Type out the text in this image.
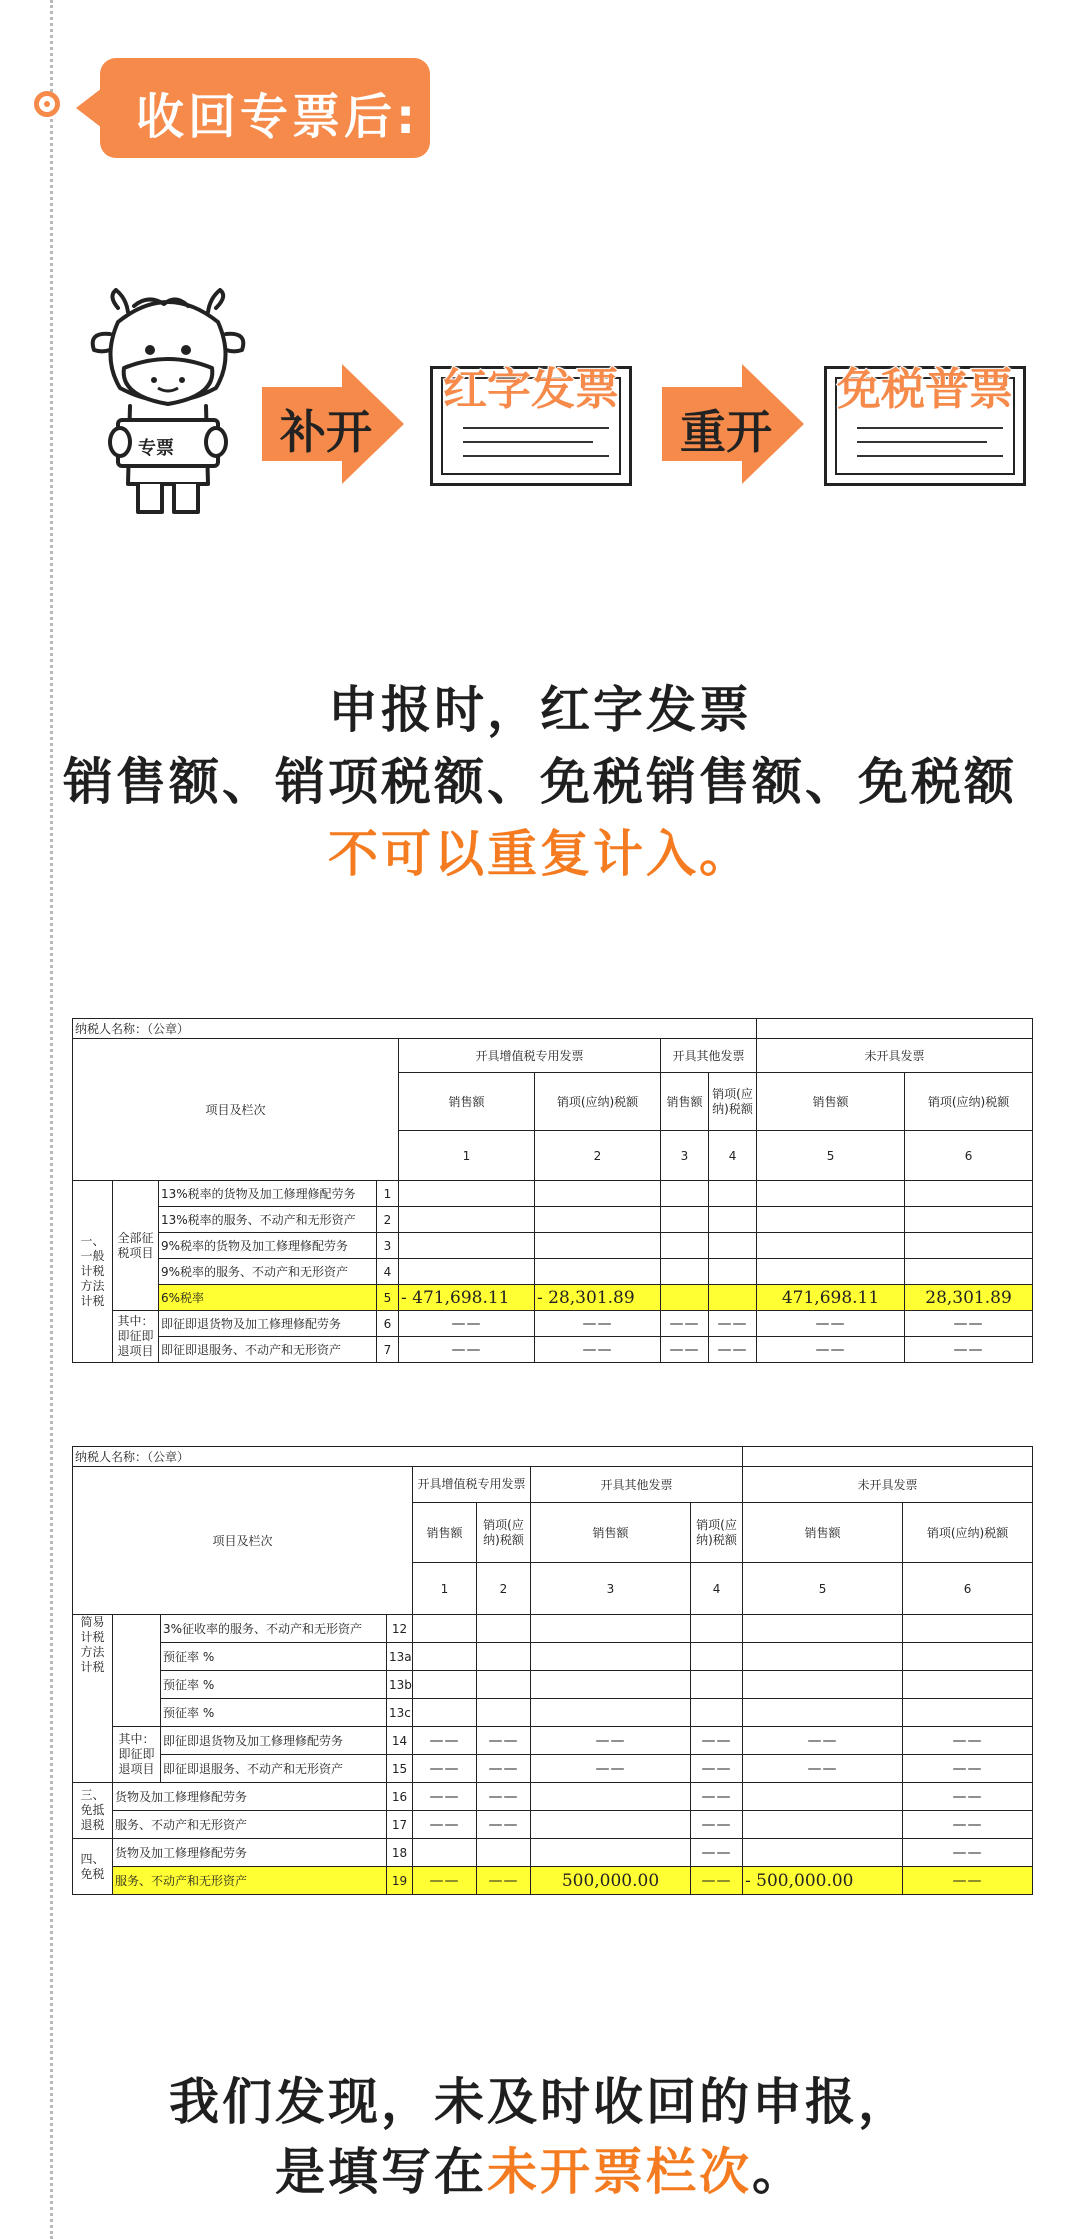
收回专票后:
专票 补开
红字发票
重开
免税普票
申报时，红字发票
销售额、销项税额、免税销售额、免税额
不可以重复计入。
纳税人名称：（公章）									
项目及栏次				开具增值税专用发票		开具其他发票		未开具发票	
				销售额	销项(应纳)税额	销售额	销项(应纳)税额	销售额	销项(应纳)税额
				1	2	3	4	5	6
一、一般计税方法计税	全部征税项目	13%税率的货物及加工修理修配劳务	1						
		13%税率的服务、不动产和无形资产	2						
		9%税率的货物及加工修理修配劳务	3						
		9%税率的服务、不动产和无形资产	4						
		6%税率	5	- 471,698.11	- 28,301.89			471,698.11	28,301.89
	其中：即征即退项目	即征即退货物及加工修理修配劳务	6	——	——	——	——	——	——
		即征即退服务、不动产和无形资产	7	——	——	——	——	——	——
纳税人名称：（公章）									
项目及栏次				开具增值税专用发票		开具其他发票		未开具发票	
				销售额	销项(应纳)税额	销售额	销项(应纳)税额	销售额	销项(应纳)税额
				1	2	3	4	5	6
简易计税方法计税		3%征收率的服务、不动产和无形资产	12						
		预征率 %	13a						
		预征率 %	13b						
		预征率 %	13c						
	其中：即征即退项目	即征即退货物及加工修理修配劳务	14	——	——	——	——	——	——
		即征即退服务、不动产和无形资产	15	——	——	——	——	——	——
三、免抵退税	货物及加工修理修配劳务		16	——	——		——		——
	服务、不动产和无形资产		17	——	——		——		——
四、免税	货物及加工修理修配劳务		18				——		——
	服务、不动产和无形资产		19	——	——	500,000.00	——	- 500,000.00	——
我们发现，未及时收回的申报，
是填写在未开票栏次。
